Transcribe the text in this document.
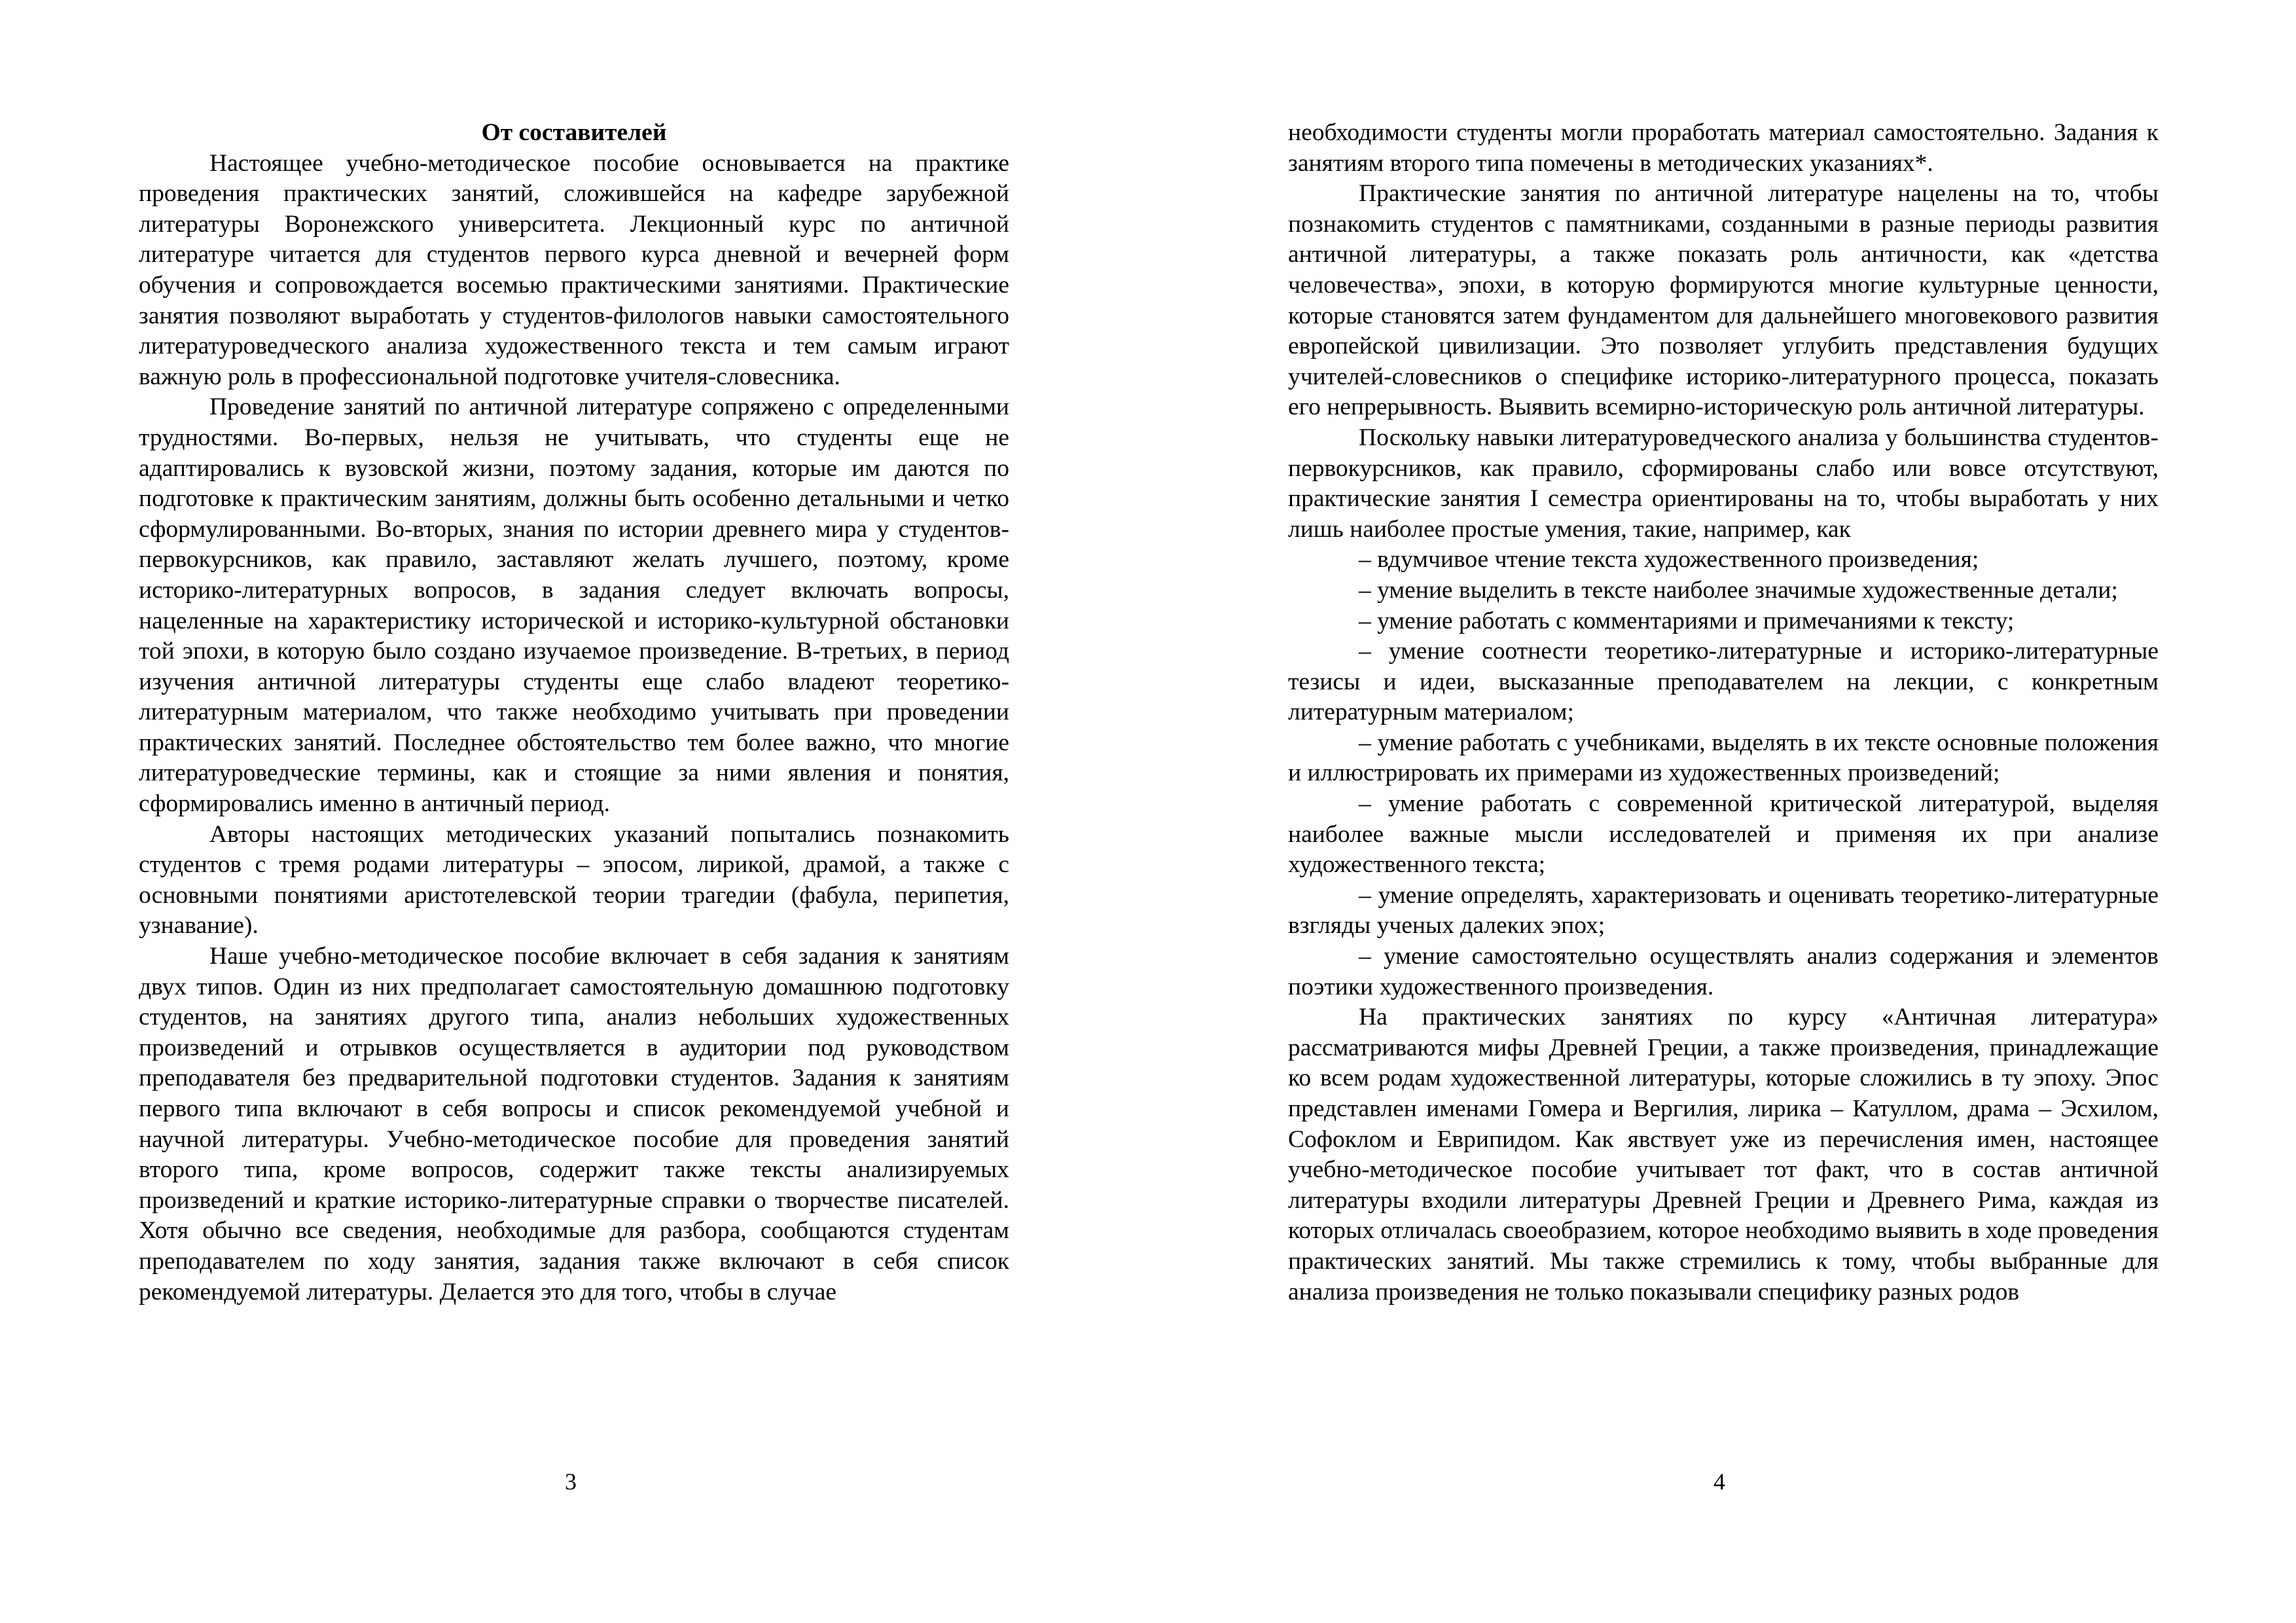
От составителей

Настоящее учебно-методическое пособие основывается на практике проведения практических занятий, сложившейся на кафедре зарубежной литературы Воронежского университета. Лекционный курс по античной литературе читается для студентов первого курса дневной и вечерней форм обучения и сопровождается восемью практическими занятиями. Практические занятия позволяют выработать у студентов-филологов навыки самостоятельного литературоведческого анализа художественного текста и тем самым играют важную роль в профессиональной подготовке учителя-словесника.

Проведение занятий по античной литературе сопряжено с определенными трудностями. Во-первых, нельзя не учитывать, что студенты еще не адаптировались к вузовской жизни, поэтому задания, которые им даются по подготовке к практическим занятиям, должны быть особенно детальными и четко сформулированными. Во-вторых, знания по истории древнего мира у студентов-первокурсников, как правило, заставляют желать лучшего, поэтому, кроме историко-литературных вопросов, в задания следует включать вопросы, нацеленные на характеристику исторической и историко-культурной обстановки той эпохи, в которую было создано изучаемое произведение. В-третьих, в период изучения античной литературы студенты еще слабо владеют теоретико-литературным материалом, что также необходимо учитывать при проведении практических занятий. Последнее обстоятельство тем более важно, что многие литературоведческие термины, как и стоящие за ними явления и понятия, сформировались именно в античный период.

Авторы настоящих методических указаний попытались познакомить студентов с тремя родами литературы – эпосом, лирикой, драмой, а также с основными понятиями аристотелевской теории трагедии (фабула, перипетия, узнавание).

Наше учебно-методическое пособие включает в себя задания к занятиям двух типов. Один из них предполагает самостоятельную домашнюю подготовку студентов, на занятиях другого типа, анализ небольших художественных произведений и отрывков осуществляется в аудитории под руководством преподавателя без предварительной подготовки студентов. Задания к занятиям первого типа включают в себя вопросы и список рекомендуемой учебной и научной литературы. Учебно-методическое пособие для проведения занятий второго типа, кроме вопросов, содержит также тексты анализируемых произведений и краткие историко-литературные справки о творчестве писателей. Хотя обычно все сведения, необходимые для разбора, сообщаются студентам преподавателем по ходу занятия, задания также включают в себя список рекомендуемой литературы. Делается это для того, чтобы в случае

3

необходимости студенты могли проработать материал самостоятельно. Задания к занятиям второго типа помечены в методических указаниях*.

Практические занятия по античной литературе нацелены на то, чтобы познакомить студентов с памятниками, созданными в разные периоды развития античной литературы, а также показать роль античности, как «детства человечества», эпохи, в которую формируются многие культурные ценности, которые становятся затем фундаментом для дальнейшего многовекового развития европейской цивилизации. Это позволяет углубить представления будущих учителей-словесников о специфике историко-литературного процесса, показать его непрерывность. Выявить всемирно-историческую роль античной литературы.

Поскольку навыки литературоведческого анализа у большинства студентов-первокурсников, как правило, сформированы слабо или вовсе отсутствуют, практические занятия I семестра ориентированы на то, чтобы выработать у них лишь наиболее простые умения, такие, например, как

– вдумчивое чтение текста художественного произведения;

– умение выделить в тексте наиболее значимые художественные детали;

– умение работать с комментариями и примечаниями к тексту;

– умение соотнести теоретико-литературные и историко-литературные тезисы и идеи, высказанные преподавателем на лекции, с конкретным литературным материалом;

– умение работать с учебниками, выделять в их тексте основные положения и иллюстрировать их примерами из художественных произведений;

– умение работать с современной критической литературой, выделяя наиболее важные мысли исследователей и применяя их при анализе художественного текста;

– умение определять, характеризовать и оценивать теоретико-литературные взгляды ученых далеких эпох;

– умение самостоятельно осуществлять анализ содержания и элементов поэтики художественного произведения.

На практических занятиях по курсу «Античная литература» рассматриваются мифы Древней Греции, а также произведения, принадлежащие ко всем родам художественной литературы, которые сложились в ту эпоху. Эпос представлен именами Гомера и Вергилия, лирика – Катуллом, драма – Эсхилом, Софоклом и Еврипидом. Как явствует уже из перечисления имен, настоящее учебно-методическое пособие учитывает тот факт, что в состав античной литературы входили литературы Древней Греции и Древнего Рима, каждая из которых отличалась своеобразием, которое необходимо выявить в ходе проведения практических занятий. Мы также стремились к тому, чтобы выбранные для анализа произведения не только показывали специфику разных родов

4
